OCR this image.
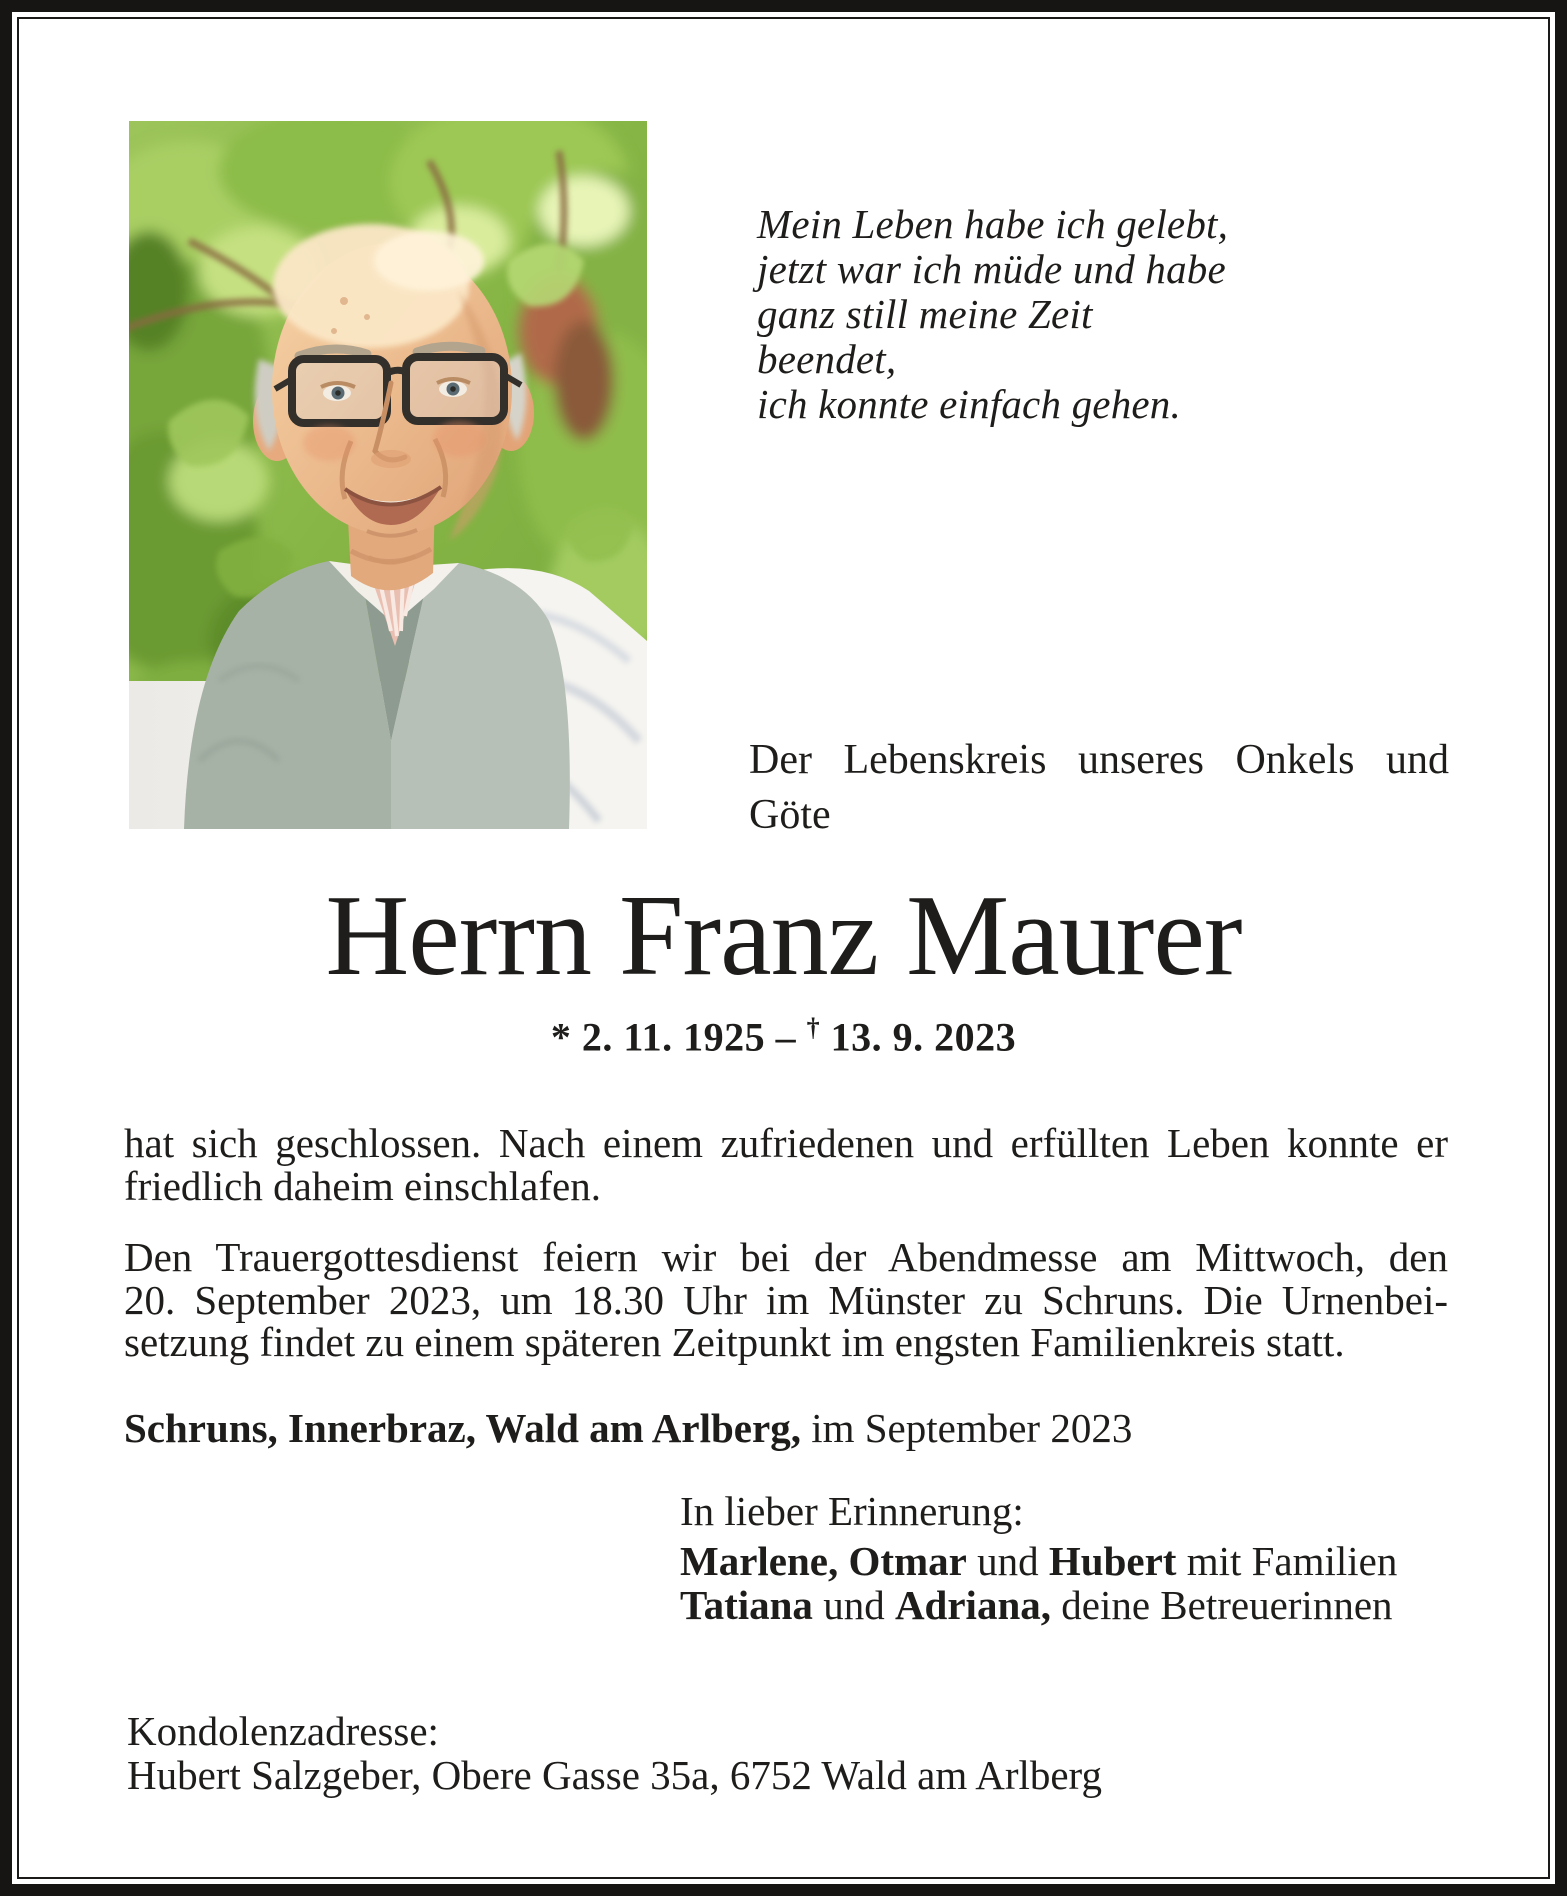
Mein Leben habe ich gelebt,
jetzt war ich müde und habe
ganz still meine Zeit beendet,
ich konnte einfach gehen.
Der Lebenskreis unseres Onkels und
Göte
Herrn Franz Maurer
* 2. 11. 1925 – † 13. 9. 2023
hat sich geschlossen. Nach einem zufriedenen und erfüllten Leben konnte er
friedlich daheim einschlafen.
Den Trauergottesdienst feiern wir bei der Abendmesse am Mittwoch, den
20. September 2023, um 18.30 Uhr im Münster zu Schruns. Die Urnenbei-
setzung findet zu einem späteren Zeitpunkt im engsten Familienkreis statt.
Schruns, Innerbraz, Wald am Arlberg, im September 2023
In lieber Erinnerung:
Marlene, Otmar und Hubert mit Familien
Tatiana und Adriana, deine Betreuerinnen
Kondolenzadresse:
Hubert Salzgeber, Obere Gasse 35a, 6752 Wald am Arlberg
